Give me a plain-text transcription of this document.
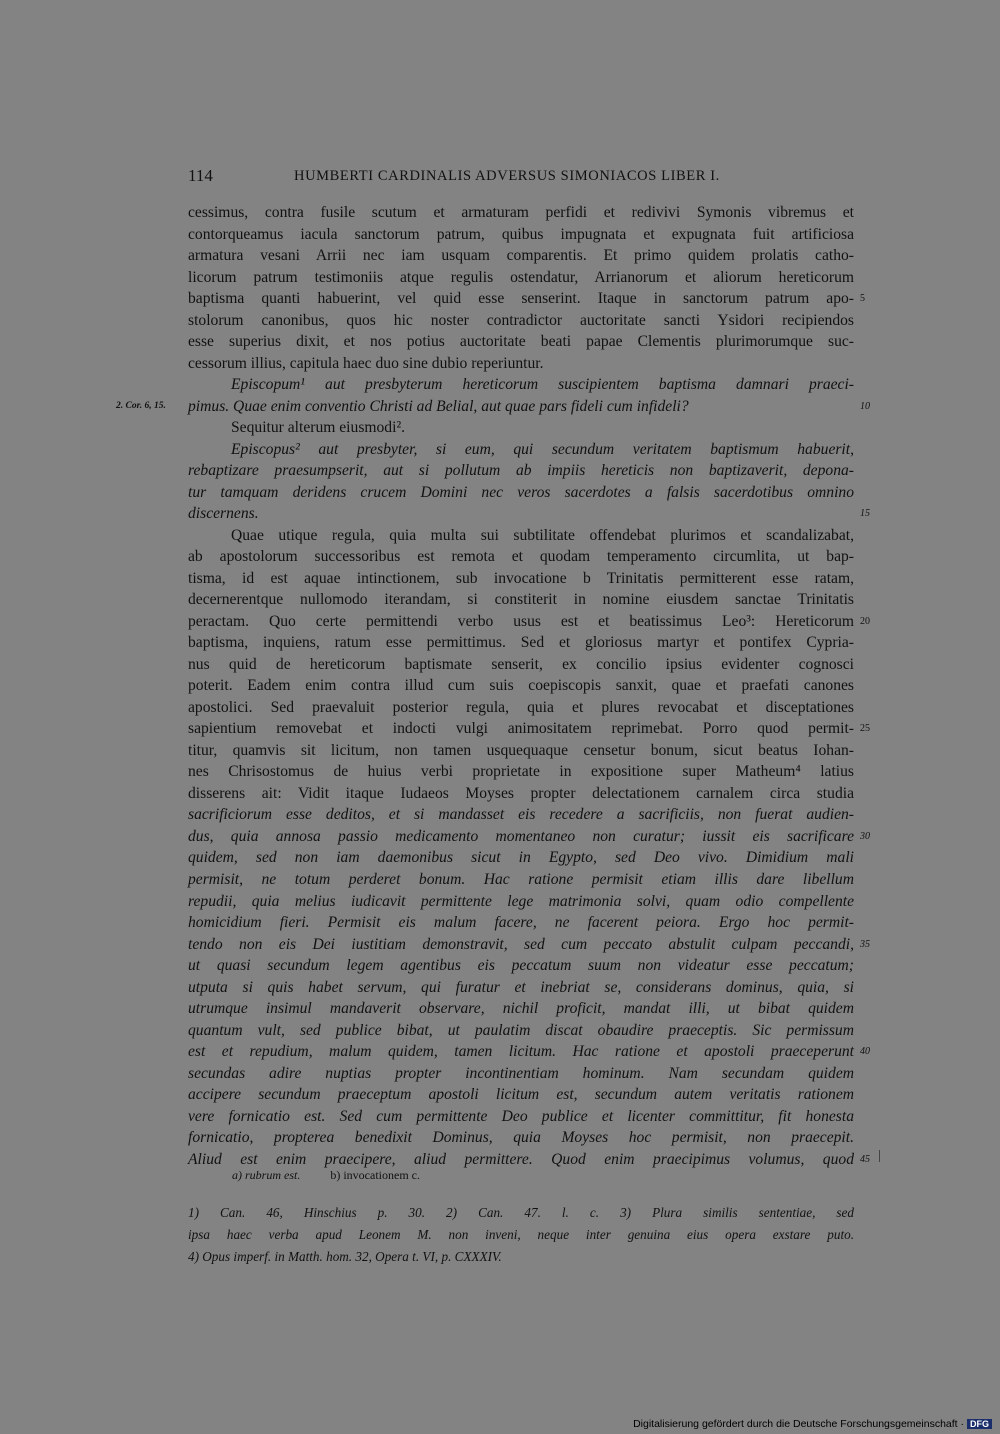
114	HUMBERTI CARDINALIS ADVERSUS SIMONIACOS LIBER I.
cessimus, contra fusile scutum et armaturam perfidi et redivivi Symonis vibremus et
contorqueamus iacula sanctorum patrum, quibus impugnata et expugnata fuit artificiosa
armatura vesani Arrii nec iam usquam comparentis. Et primo quidem prolatis catho-
licorum patrum testimoniis atque regulis ostendatur, Arrianorum et aliorum hereticorum
baptisma quanti habuerint, vel quid esse senserint. Itaque in sanctorum patrum apo- 5
stolorum canonibus, quos hic noster contradictor auctoritate sancti Ysidori recipiendos
esse superius dixit, et nos potius auctoritate beati papae Clementis plurimorumque suc-
cessorum illius, capitula haec duo sine dubio reperiuntur.
Episcopum¹ aut presbyterum hereticorum suscipientem baptisma damnari praeci-
2. Cor. 6, 15. pimus. Quae enim conventio Christi ad Belial, aut quae pars fideli cum infideli?	10
Sequitur alterum eiusmodi².
Episcopus² aut presbyter, si eum, qui secundum veritatem baptismum habuerit,
rebaptizare praesumpserit, aut si pollutum ab impiis hereticis non baptizaverit, depona-
tur tamquam deridens crucem Domini nec veros sacerdotes a falsis sacerdotibus omnino
discernens.	15
Quae utique regula, quia multa sui subtilitate offendebat plurimos et scandalizabat,
ab apostolorum successoribus est remota et quodam temperamento circumlita, ut bap-
tisma, id est aquae intinctionem, sub invocatione b Trinitatis permitterent esse ratam,
decernerentque nullomodo iterandam, si constiterit in nomine eiusdem sanctae Trinitatis
peractam. Quo certe permittendi verbo usus est et beatissimus Leo³: Hereticorum 20
baptisma, inquiens, ratum esse permittimus. Sed et gloriosus martyr et pontifex Cypria-
nus quid de hereticorum baptismate senserit, ex concilio ipsius evidenter cognosci
poterit. Eadem enim contra illud cum suis coepiscopis sanxit, quae et praefati canones
apostolici. Sed praevaluit posterior regula, quia et plures revocabat et disceptationes
sapientium removebat et indocti vulgi animositatem reprimebat. Porro quod permit- 25
titur, quamvis sit licitum, non tamen usquequaque censetur bonum, sicut beatus Iohan-
nes Chrisostomus de huius verbi proprietate in expositione super Matheum⁴ latius
disserens ait: Vidit itaque Iudaeos Moyses propter delectationem carnalem circa studia
sacrificiorum esse deditos, et si mandasset eis recedere a sacrificiis, non fuerat audien-
dus, quia annosa passio medicamento momentaneo non curatur; iussit eis sacrificare 30
quidem, sed non iam daemonibus sicut in Egypto, sed Deo vivo. Dimidium mali
permisit, ne totum perderet bonum. Hac ratione permisit etiam illis dare libellum
repudii, quia melius iudicavit permittente lege matrimonia solvi, quam odio compellente
homicidium fieri. Permisit eis malum facere, ne facerent peiora. Ergo hoc permit-
tendo non eis Dei iustitiam demonstravit, sed cum peccato abstulit culpam peccandi, 35
ut quasi secundum legem agentibus eis peccatum suum non videatur esse peccatum;
utputa si quis habet servum, qui furatur et inebriat se, considerans dominus, quia, si
utrumque insimul mandaverit observare, nichil proficit, mandat illi, ut bibat quidem
quantum vult, sed publice bibat, ut paulatim discat obaudire praeceptis. Sic permissum
est et repudium, malum quidem, tamen licitum. Hac ratione et apostoli praeceperunt 40
secundas adire nuptias propter incontinentiam hominum. Nam secundam quidem
accipere secundum praeceptum apostoli licitum est, secundum autem veritatis rationem
vere fornicatio est. Sed cum permittente Deo publice et licenter committitur, fit honesta
fornicatio, propterea benedixit Dominus, quia Moyses hoc permisit, non praecepit.
Aliud est enim praecipere, aliud permittere. Quod enim praecipimus volumus, quod 45
a) rubrum est.	b) invocationem c.
1) Can. 46, Hinschius p. 30. 2) Can. 47. l. c. 3) Plura similis sententiae, sed
ipsa haec verba apud Leonem M. non inveni, neque inter genuina eius opera exstare puto.
4) Opus imperf. in Matth. hom. 32, Opera t. VI, p. CXXXIV.
Digitalisierung gefördert durch die Deutsche Forschungsgemeinschaft · DFG
